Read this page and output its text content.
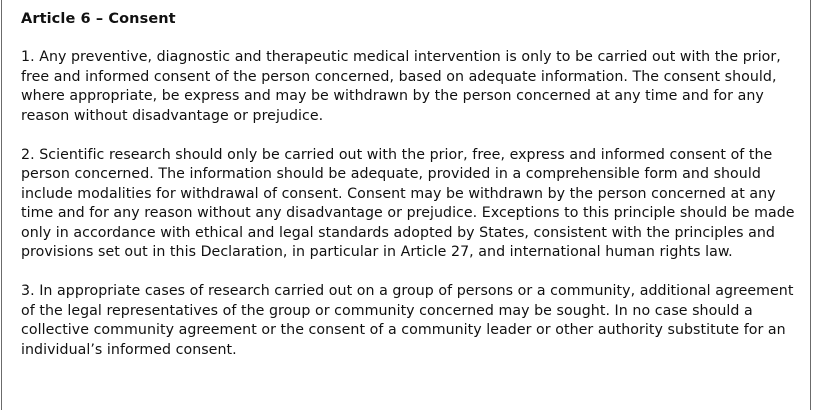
Article 6 – Consent

1. Any preventive, diagnostic and therapeutic medical intervention is only to be carried out with the prior, free and informed consent of the person concerned, based on adequate information. The consent should, where appropriate, be express and may be withdrawn by the person concerned at any time and for any reason without disadvantage or prejudice.

2. Scientific research should only be carried out with the prior, free, express and informed consent of the person concerned. The information should be adequate, provided in a comprehensible form and should include modalities for withdrawal of consent. Consent may be withdrawn by the person concerned at any time and for any reason without any disadvantage or prejudice. Exceptions to this principle should be made only in accordance with ethical and legal standards adopted by States, consistent with the principles and provisions set out in this Declaration, in particular in Article 27, and international human rights law.

3. In appropriate cases of research carried out on a group of persons or a community, additional agreement of the legal representatives of the group or community concerned may be sought. In no case should a collective community agreement or the consent of a community leader or other authority substitute for an individual’s informed consent.
